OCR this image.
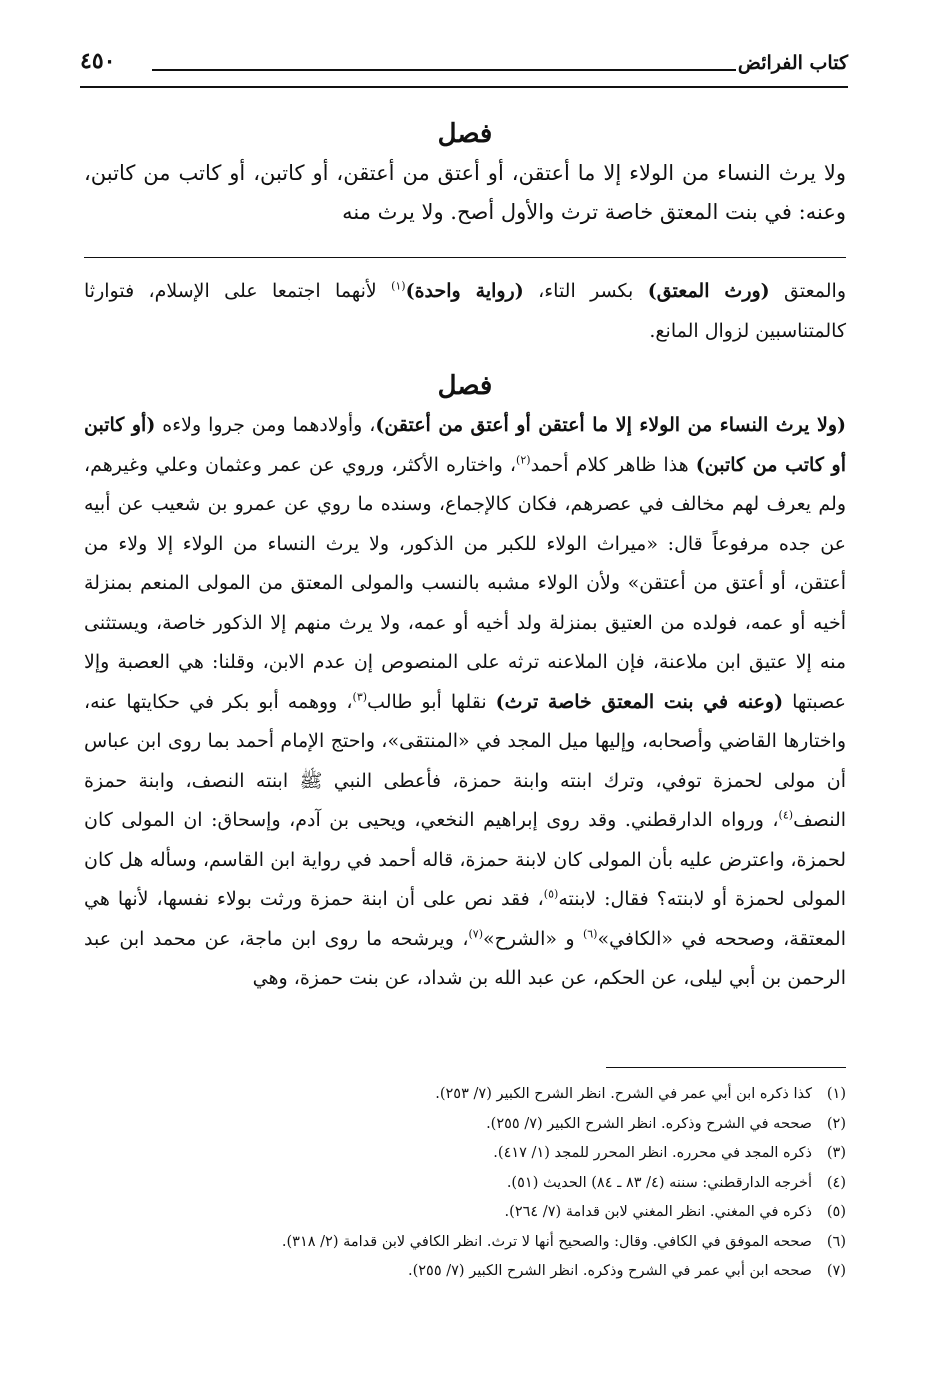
كتاب الفرائض
٤٥٠
فصل
ولا يرث النساء من الولاء إلا ما أعتقن، أو أعتق من أعتقن، أو كاتبن، أو كاتب من كاتبن، وعنه: في بنت المعتق خاصة ترث والأول أصح. ولا يرث منه
والمعتق (ورث المعتق) بكسر التاء، (رواية واحدة)$^{(١)}$ لأنهما اجتمعا على الإسلام، فتوارثا كالمتناسبين لزوال المانع.
فصل
(ولا يرث النساء من الولاء إلا ما أعتقن أو أعتق من أعتقن)، وأولادهما ومن جروا ولاءه (أو كاتبن أو كاتب من كاتبن) هذا ظاهر كلام أحمد$^{(٢)}$، واختاره الأكثر، وروي عن عمر وعثمان وعلي وغيرهم، ولم يعرف لهم مخالف في عصرهم، فكان كالإجماع، وسنده ما روي عن عمرو بن شعيب عن أبيه عن جده مرفوعاً قال: «ميراث الولاء للكبر من الذكور، ولا يرث النساء من الولاء إلا ولاء من أعتقن، أو أعتق من أعتقن» ولأن الولاء مشبه بالنسب والمولى المعتق من المولى المنعم بمنزلة أخيه أو عمه، فولده من العتيق بمنزلة ولد أخيه أو عمه، ولا يرث منهم إلا الذكور خاصة، ويستثنى منه إلا عتيق ابن ملاعنة، فإن الملاعنه ترثه على المنصوص إن عدم الابن، وقلنا: هي العصبة وإلا عصبتها (وعنه في بنت المعتق خاصة ترث) نقلها أبو طالب$^{(٣)}$، ووهمه أبو بكر في حكايتها عنه، واختارها القاضي وأصحابه، وإليها ميل المجد في «المنتقى»، واحتج الإمام أحمد بما روى ابن عباس أن مولى لحمزة توفي، وترك ابنته وابنة حمزة، فأعطى النبي ﷺ ابنته النصف، وابنة حمزة النصف$^{(٤)}$، ورواه الدارقطني. وقد روى إبراهيم النخعي، ويحيى بن آدم، وإسحاق: ان المولى كان لحمزة، واعترض عليه بأن المولى كان لابنة حمزة، قاله أحمد في رواية ابن القاسم، وسأله هل كان المولى لحمزة أو لابنته؟ فقال: لابنته$^{(٥)}$، فقد نص على أن ابنة حمزة ورثت بولاء نفسها، لأنها هي المعتقة، وصححه في «الكافي»$^{(٦)}$ و «الشرح»$^{(٧)}$، ويرشحه ما روى ابن ماجة، عن محمد ابن عبد الرحمن بن أبي ليلى، عن الحكم، عن عبد الله بن شداد، عن بنت حمزة، وهي
(١)كذا ذكره ابن أبي عمر في الشرح. انظر الشرح الكبير (٧/ ٢٥٣).
(٢)صححه في الشرح وذكره. انظر الشرح الكبير (٧/ ٢٥٥).
(٣)ذكره المجد في محرره. انظر المحرر للمجد (١/ ٤١٧).
(٤)أخرجه الدارقطني: سننه (٤/ ٨٣ ـ ٨٤) الحديث (٥١).
(٥)ذكره في المغني. انظر المغني لابن قدامة (٧/ ٢٦٤).
(٦)صححه الموفق في الكافي. وقال: والصحيح أنها لا ترث. انظر الكافي لابن قدامة (٢/ ٣١٨).
(٧)صححه ابن أبي عمر في الشرح وذكره. انظر الشرح الكبير (٧/ ٢٥٥).
